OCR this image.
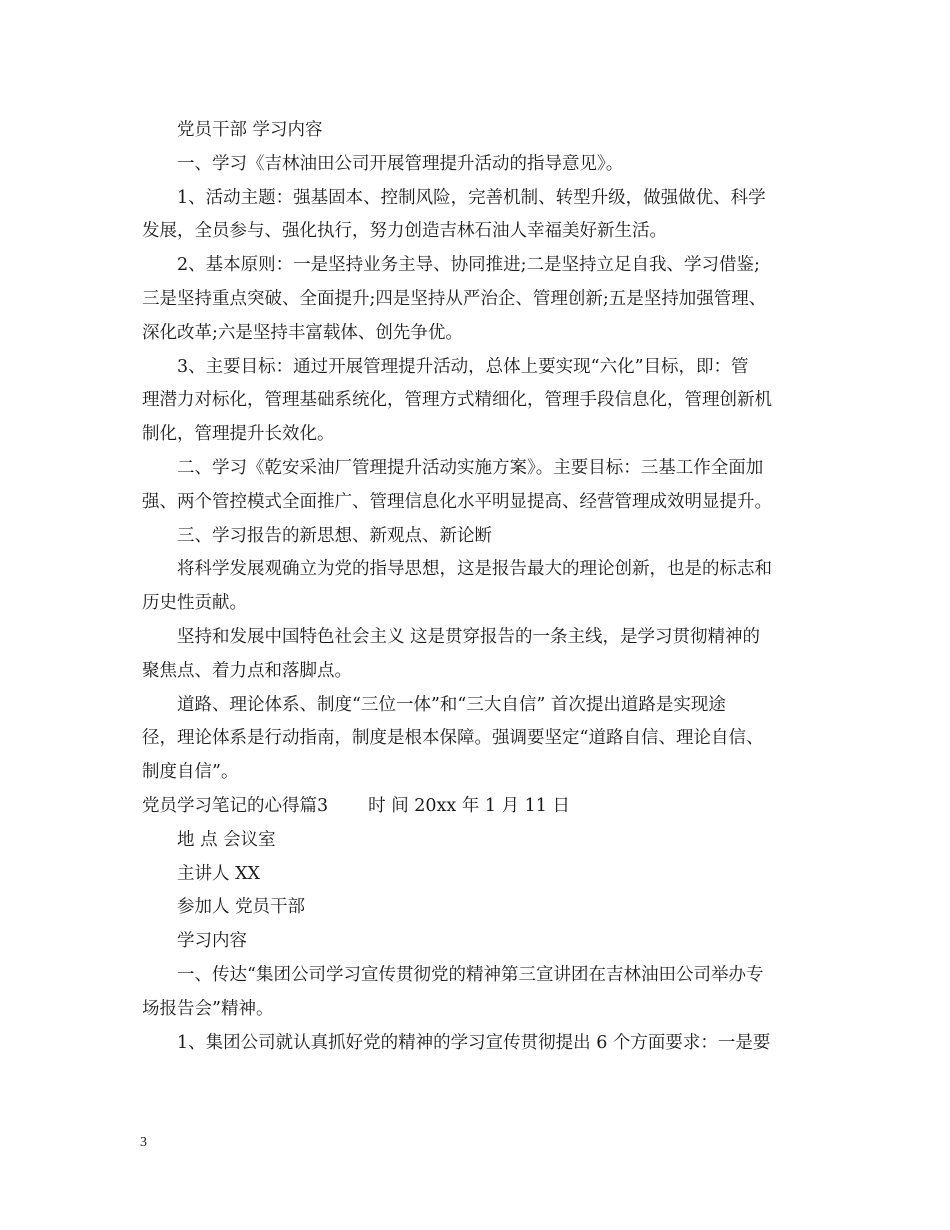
党员干部 学习内容
一、学习《吉林油田公司开展管理提升活动的指导意见》。
1、活动主题：强基固本、控制风险，完善机制、转型升级，做强做优、科学
发展，全员参与、强化执行，努力创造吉林石油人幸福美好新生活。
2、基本原则：一是坚持业务主导、协同推进;二是坚持立足自我、学习借鉴;
三是坚持重点突破、全面提升;四是坚持从严治企、管理创新;五是坚持加强管理、
深化改革;六是坚持丰富载体、创先争优。
3、主要目标：通过开展管理提升活动，总体上要实现“六化”目标，即：管
理潜力对标化，管理基础系统化，管理方式精细化，管理手段信息化，管理创新机
制化，管理提升长效化。
二、学习《乾安采油厂管理提升活动实施方案》。主要目标：三基工作全面加
强、两个管控模式全面推广、管理信息化水平明显提高、经营管理成效明显提升。
三、学习报告的新思想、新观点、新论断
将科学发展观确立为党的指导思想，这是报告最大的理论创新，也是的标志和
历史性贡献。
坚持和发展中国特色社会主义 这是贯穿报告的一条主线，是学习贯彻精神的
聚焦点、着力点和落脚点。
道路、理论体系、制度“三位一体”和“三大自信” 首次提出道路是实现途
径，理论体系是行动指南，制度是根本保障。强调要坚定“道路自信、理论自信、
制度自信”。
党员学习笔记的心得篇3 时 间 20xx 年 1 月 11 日
地 点 会议室
主讲人 XX
参加人 党员干部
学习内容
一、传达“集团公司学习宣传贯彻党的精神第三宣讲团在吉林油田公司举办专
场报告会”精神。
1、集团公司就认真抓好党的精神的学习宣传贯彻提出 6 个方面要求：一是要
3
